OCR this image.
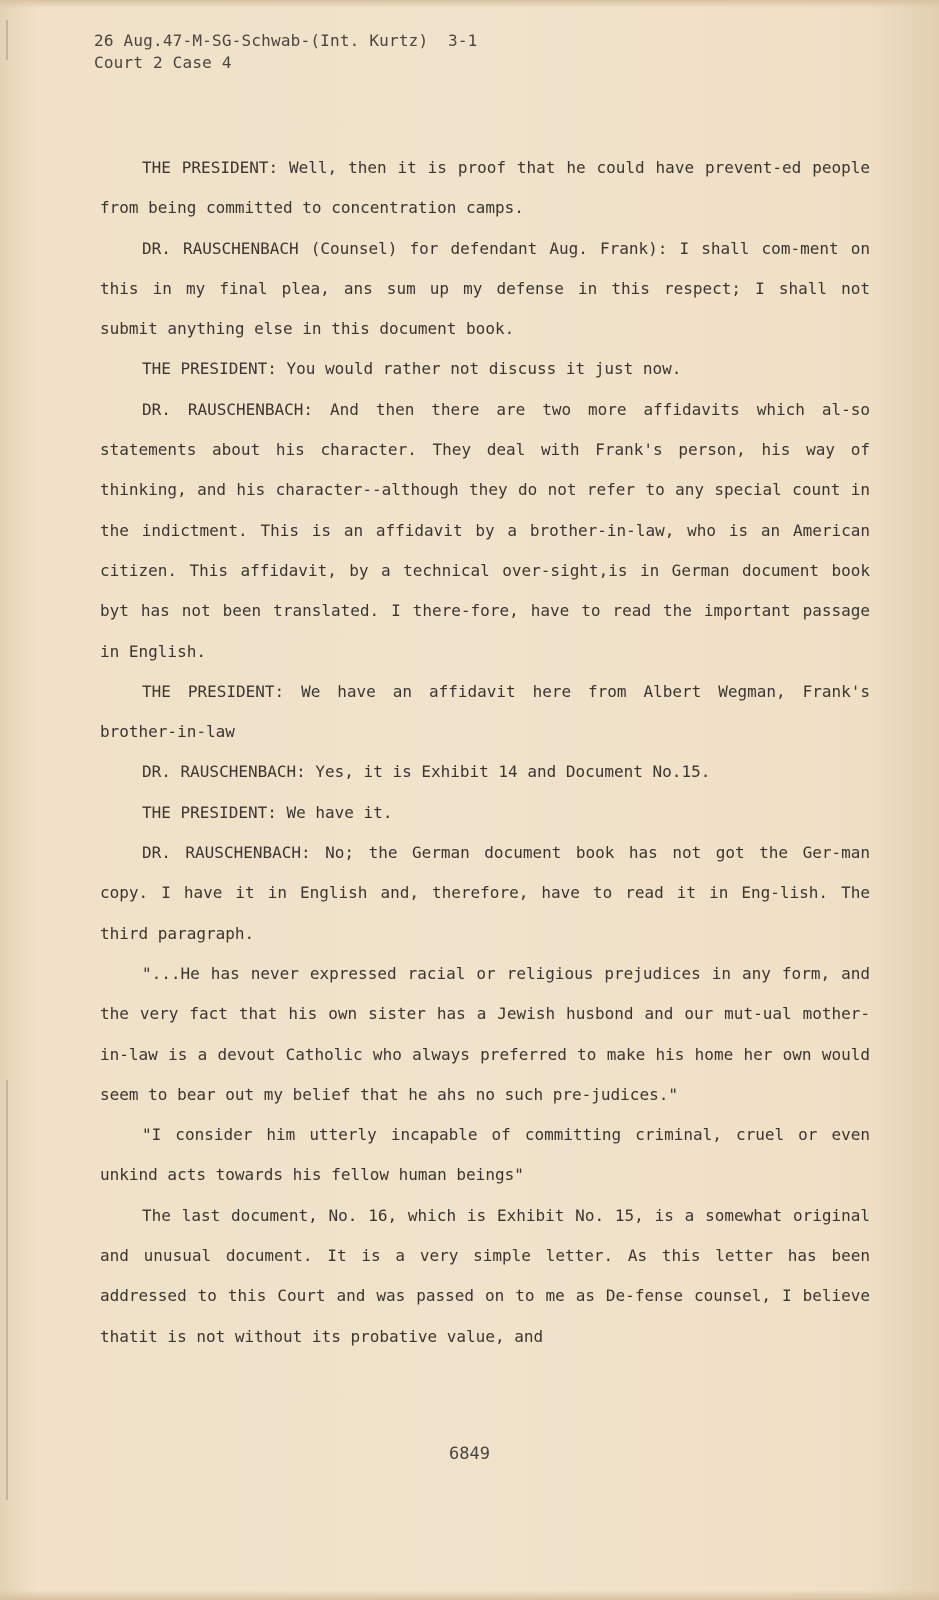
26 Aug.47-M-SG-Schwab-(Int. Kurtz)  3-1
Court 2 Case 4

THE PRESIDENT: Well, then it is proof that he could have prevent-ed people from being committed to concentration camps.

DR. RAUSCHENBACH (Counsel) for defendant Aug. Frank): I shall com-ment on this in my final plea, ans sum up my defense in this respect; I shall not submit anything else in this document book.

THE PRESIDENT: You would rather not discuss it just now.

DR. RAUSCHENBACH: And then there are two more affidavits which al-so statements about his character. They deal with Frank's person, his way of thinking, and his character--although they do not refer to any special count in the indictment. This is an affidavit by a brother-in-law, who is an American citizen. This affidavit, by a technical over-sight,is in German document book byt has not been translated. I there-fore, have to read the important passage in English.

THE PRESIDENT: We have an affidavit here from Albert Wegman, Frank's brother-in-law

DR. RAUSCHENBACH: Yes, it is Exhibit 14 and Document No.15.

THE PRESIDENT: We have it.

DR. RAUSCHENBACH: No; the German document book has not got the Ger-man copy. I have it in English and, therefore, have to read it in Eng-lish. The third paragraph.

"...He has never expressed racial or religious prejudices in any form, and the very fact that his own sister has a Jewish husbond and our mut-ual mother-in-law is a devout Catholic who always preferred to make his home her own would seem to bear out my belief that he ahs no such pre-judices."

"I consider him utterly incapable of committing criminal, cruel or even unkind acts towards his fellow human beings"

The last document, No. 16, which is Exhibit No. 15, is a somewhat original and unusual document. It is a very simple letter. As this letter has been addressed to this Court and was passed on to me as De-fense counsel, I believe thatit is not without its probative value, and

6849
